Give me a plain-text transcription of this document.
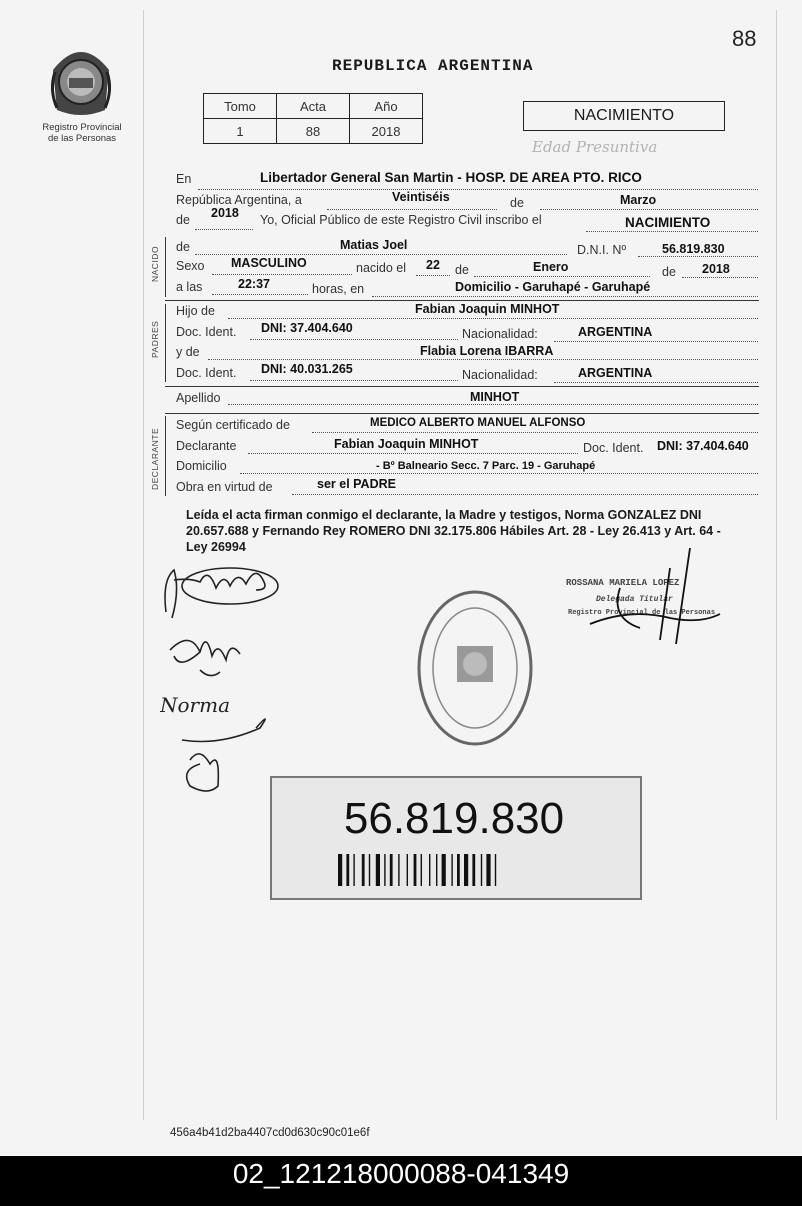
88
Registro Provincial
de las Personas
REPUBLICA ARGENTINA
Tomo	Acta	Año
1	88	2018
NACIMIENTO
Edad Presuntiva
En	Libertador General San Martin - HOSP. DE AREA PTO. RICO
República Argentina, a	Veintiséis	de	Marzo
de 2018 Yo, Oficial Público de este Registro Civil inscribo el	NACIMIENTO
NACIDO de	Matias Joel	D.N.I. Nº	56.819.830
Sexo MASCULINO	nacido el 22 de	Enero	de 2018
a las	22:37	horas, en	Domicilio - Garuhapé - Garuhapé
PADRES
Hijo de	Fabian Joaquin MINHOT
Doc. Ident. DNI: 37.404.640	Nacionalidad:	ARGENTINA
y de	Flabia Lorena IBARRA
Doc. Ident. DNI: 40.031.265	Nacionalidad:	ARGENTINA
Apellido	MINHOT
DECLARANTE
Según certificado de	MEDICO ALBERTO MANUEL ALFONSO
Declarante	Fabian Joaquin MINHOT	Doc. Ident. DNI: 37.404.640
Domicilio	- Bº Balneario Secc. 7 Parc. 19 - Garuhapé
Obra en virtud de	ser el PADRE
Leída el acta firman conmigo el declarante, la Madre y testigos, Norma GONZALEZ DNI 20.657.688 y Fernando Rey ROMERO DNI 32.175.806 Hábiles Art. 28 - Ley 26.413 y Art. 64 - Ley 26994
Norma
ROSSANA MARIELA LOPEZ
Delegada Titular
Registro Provincial de las Personas
56.819.830
456a4b41d2ba4407cd0d630c90c01e6f
02_121218000088-041349
